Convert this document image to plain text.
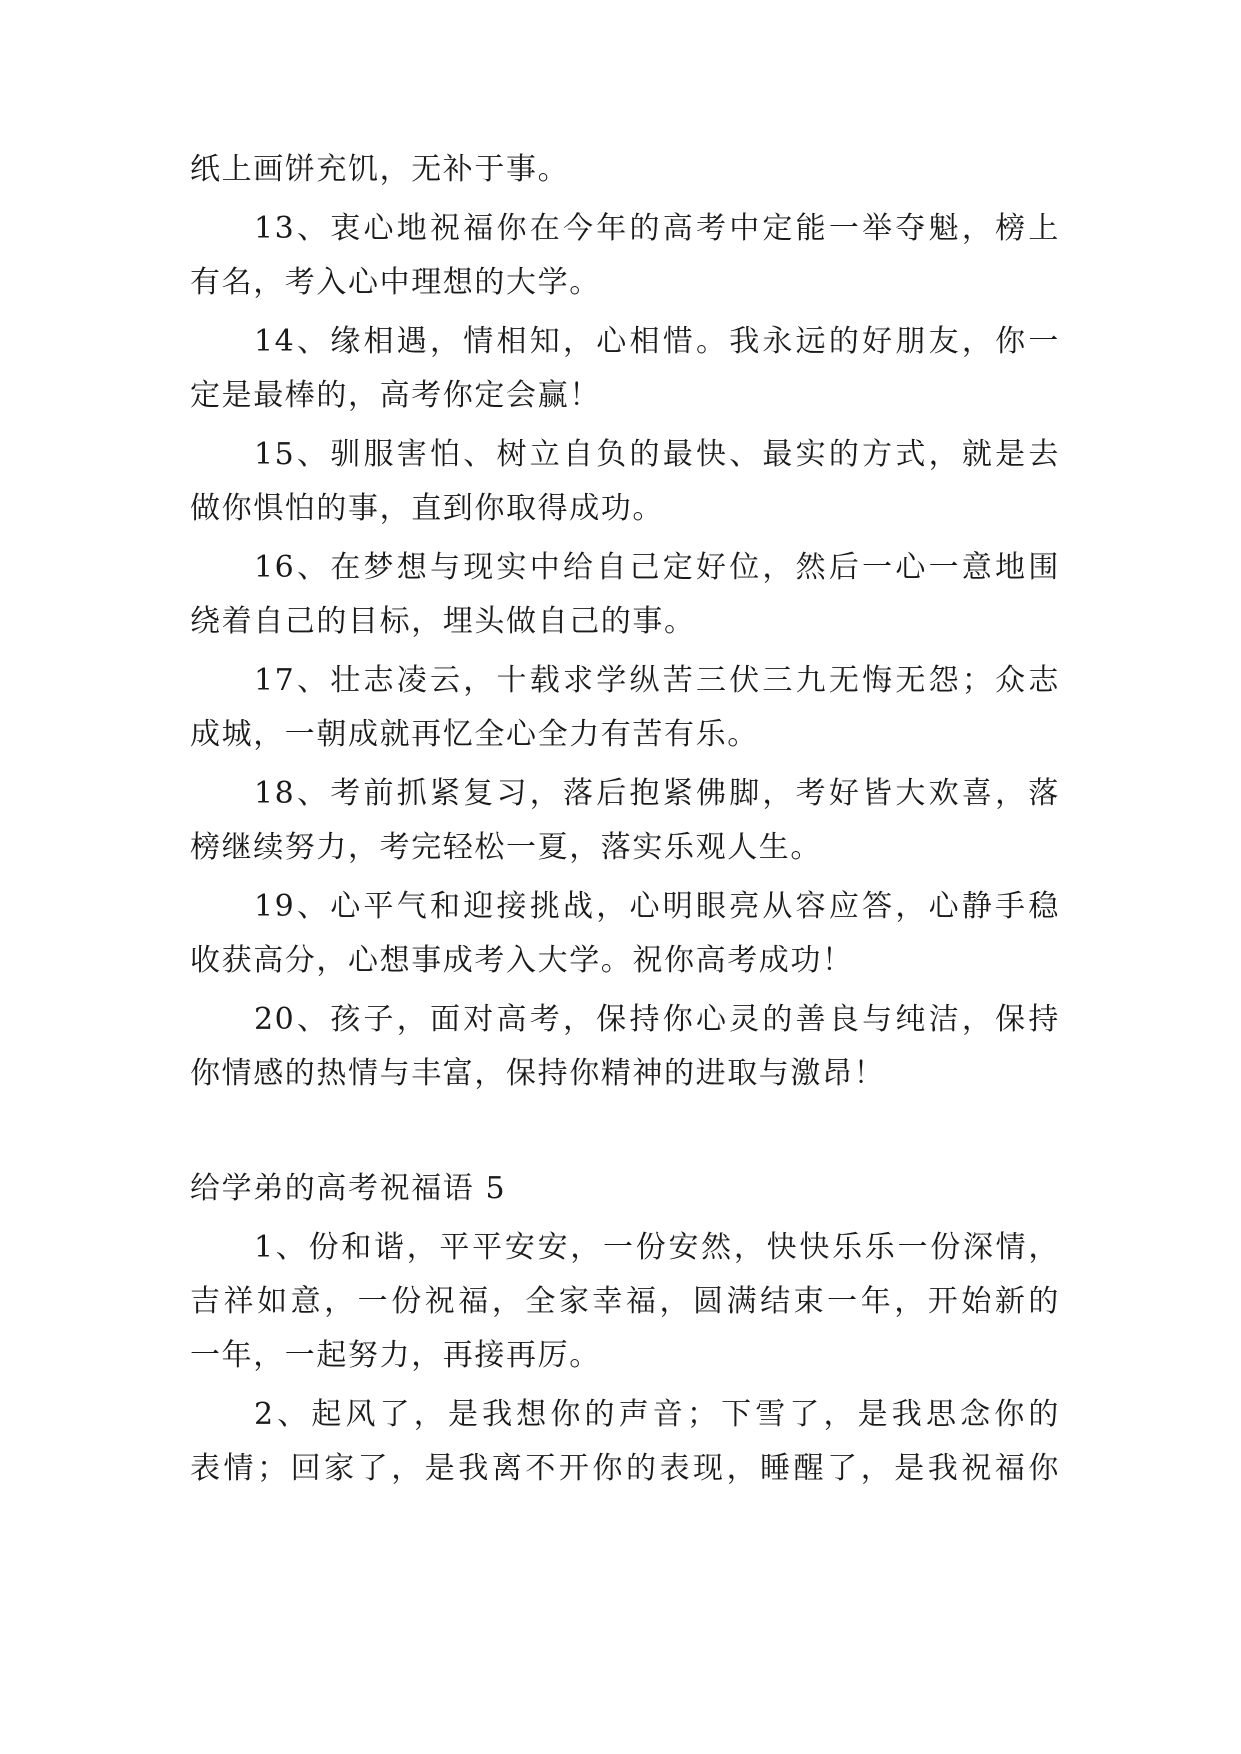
纸上画饼充饥，无补于事。
13、衷心地祝福你在今年的高考中定能一举夺魁，榜上
有名，考入心中理想的大学。
14、缘相遇，情相知，心相惜。我永远的好朋友，你一
定是最棒的，高考你定会赢！
15、驯服害怕、树立自负的最快、最实的方式，就是去
做你惧怕的事，直到你取得成功。
16、在梦想与现实中给自己定好位，然后一心一意地围
绕着自己的目标，埋头做自己的事。
17、壮志凌云，十载求学纵苦三伏三九无悔无怨；众志
成城，一朝成就再忆全心全力有苦有乐。
18、考前抓紧复习，落后抱紧佛脚，考好皆大欢喜，落
榜继续努力，考完轻松一夏，落实乐观人生。
19、心平气和迎接挑战，心明眼亮从容应答，心静手稳
收获高分，心想事成考入大学。祝你高考成功！
20、孩子，面对高考，保持你心灵的善良与纯洁，保持
你情感的热情与丰富，保持你精神的进取与激昂！
给学弟的高考祝福语 5
1、份和谐，平平安安，一份安然，快快乐乐一份深情，
吉祥如意，一份祝福，全家幸福，圆满结束一年，开始新的
一年，一起努力，再接再厉。
2、起风了，是我想你的声音；下雪了，是我思念你的
表情；回家了，是我离不开你的表现，睡醒了，是我祝福你
